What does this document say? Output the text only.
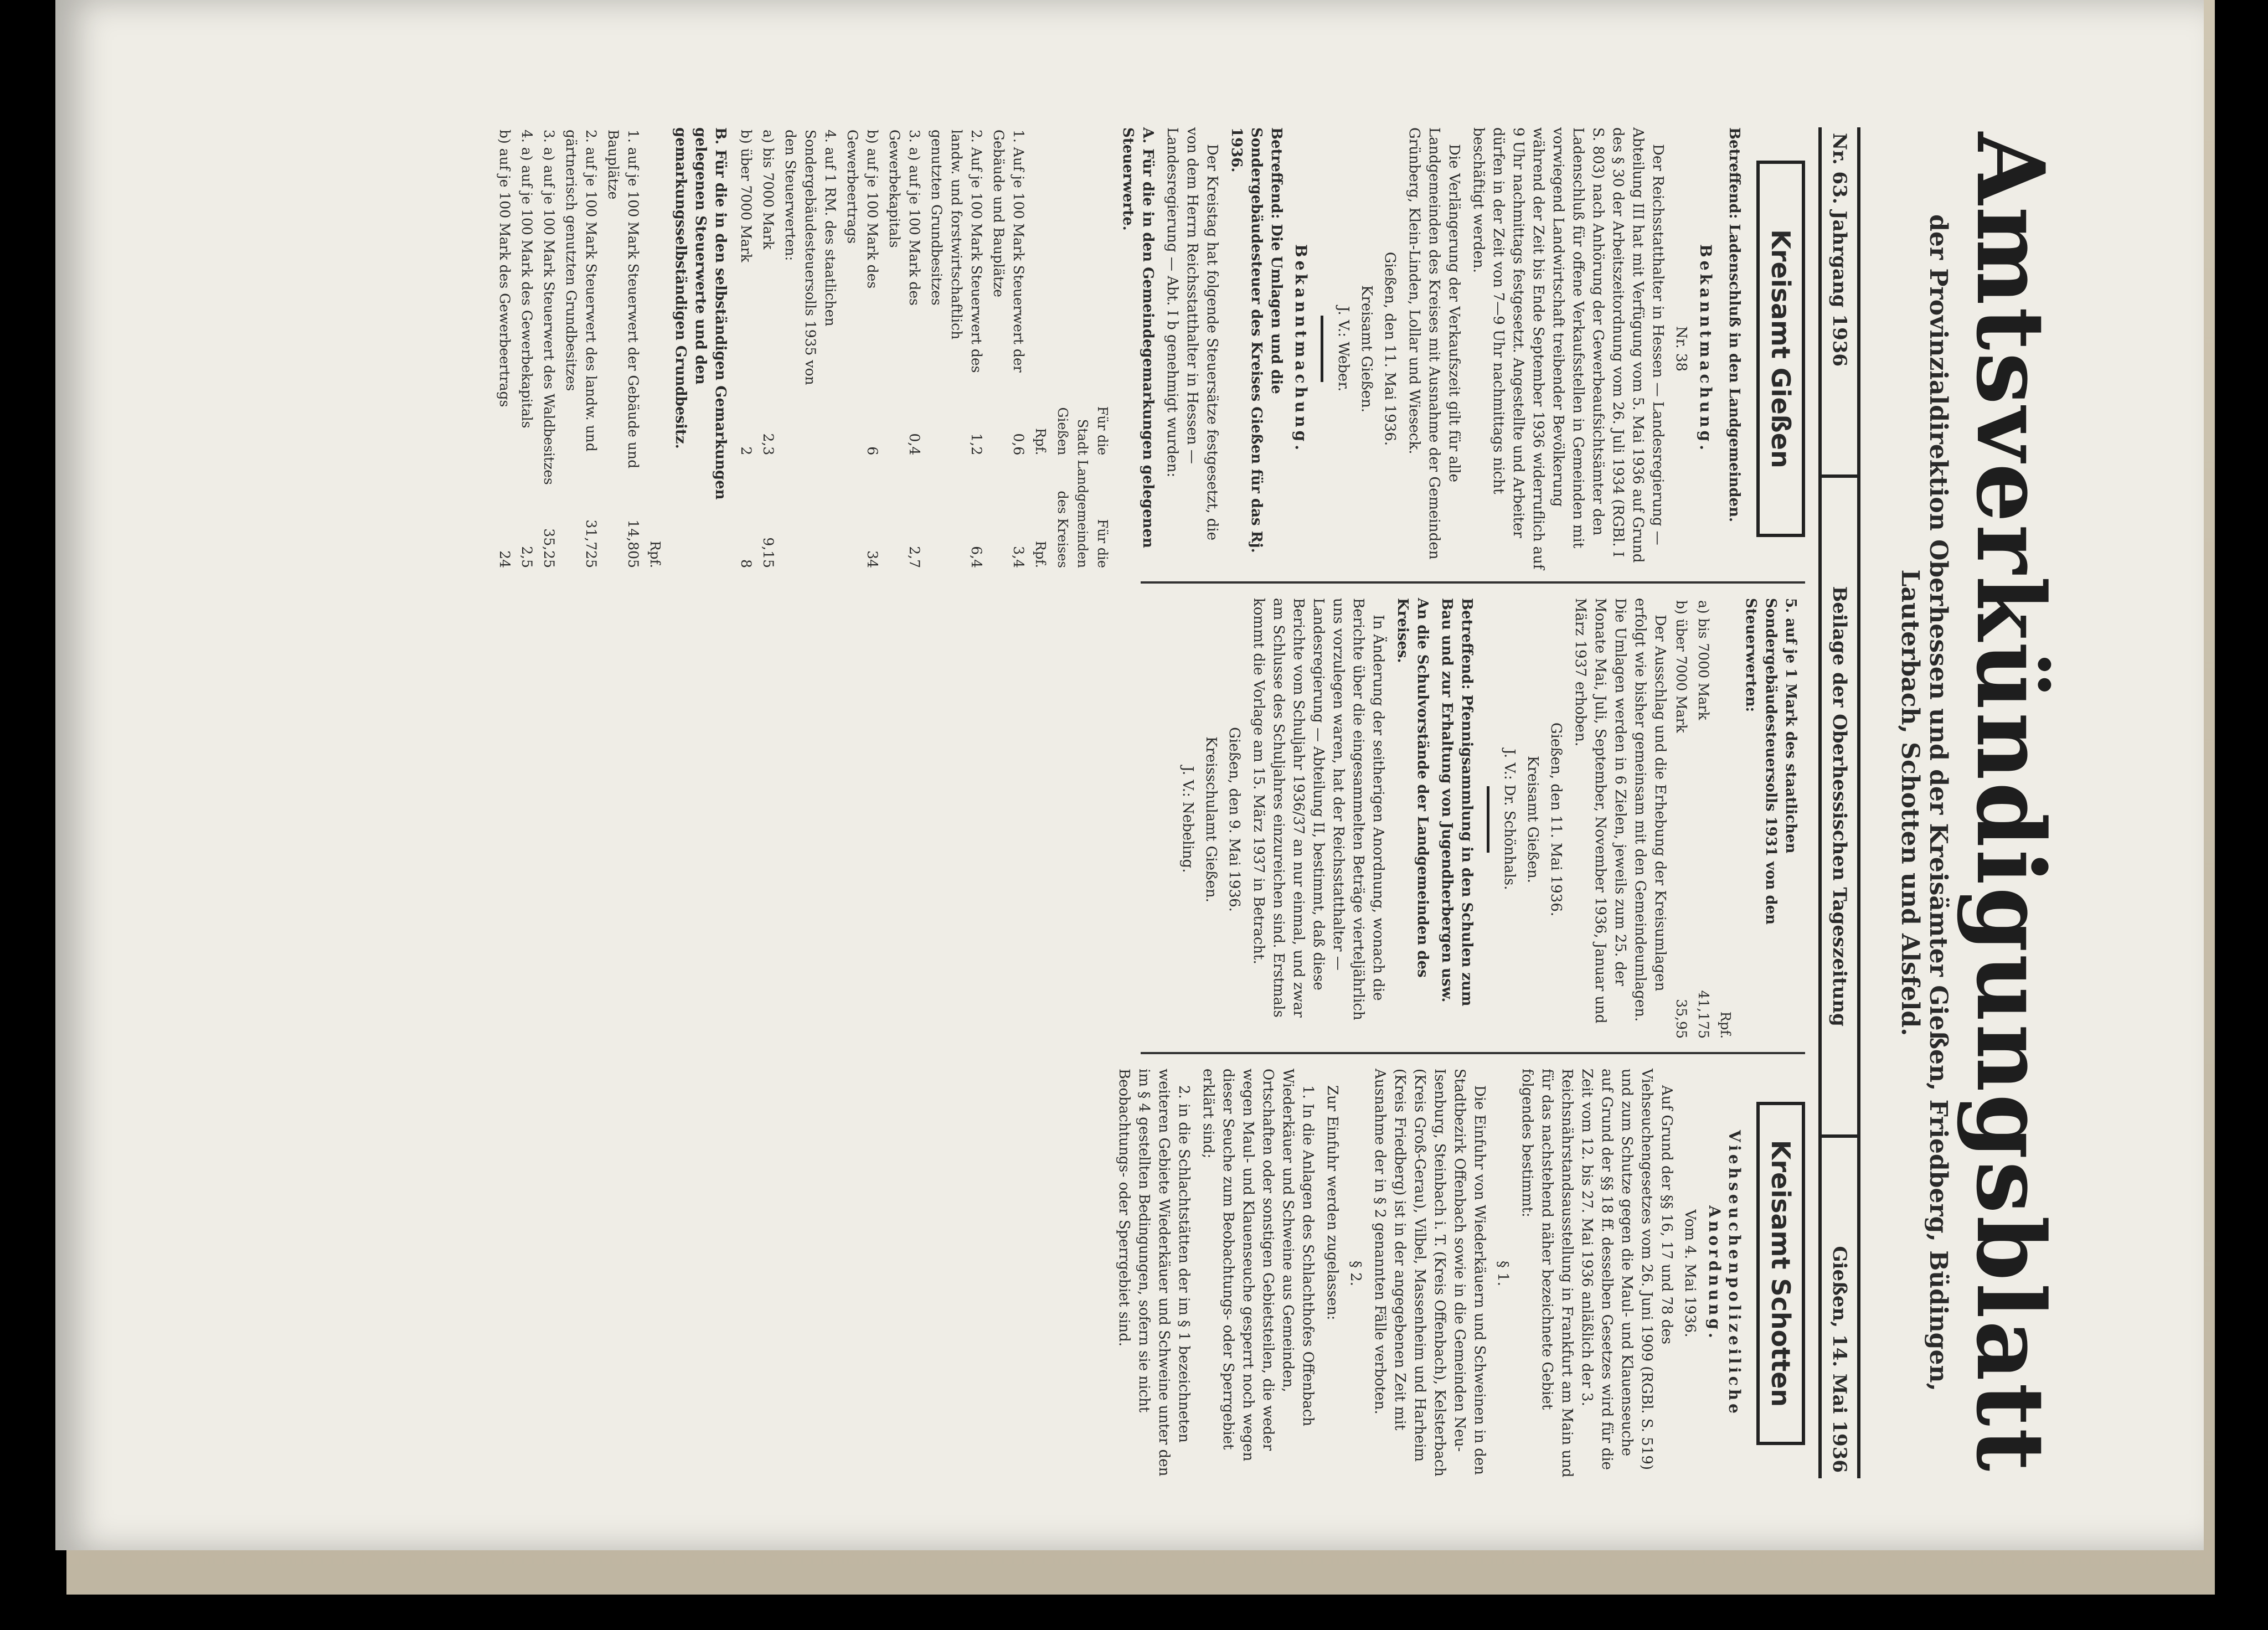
Amtsverkündigungsblatt
der Provinzialdirektion Oberhessen und der Kreisämter Gießen, Friedberg, Büdingen,
Lauterbach, Schotten und Alsfeld.
Nr. 63. Jahrgang 1936
Beilage der Oberhessischen Tageszeitung
Gießen, 14. Mai 1936
Kreisamt Gießen
Betreffend: Ladenschluß in den Landgemeinden.
Bekanntmachung.
Nr. 38

Der Reichsstatthalter in Hessen — Landesregierung — Abteilung III hat mit Verfügung vom 5. Mai 1936 auf Grund des § 30 der Arbeitszeitordnung vom 26. Juli 1934 (RGBl. I S. 803) nach Anhörung der Gewerbeaufsichtsämter den Ladenschluß für offene Verkaufsstellen in Gemeinden mit vorwiegend Landwirtschaft treibender Bevölkerung während der Zeit bis Ende September 1936 widerruflich auf 9 Uhr nachmittags festgesetzt. Angestellte und Arbeiter dürfen in der Zeit von 7—9 Uhr nachmittags nicht beschäftigt werden.

Die Verlängerung der Verkaufszeit gilt für alle Landgemeinden des Kreises mit Ausnahme der Gemeinden Grünberg, Klein-Linden, Lollar und Wieseck.

Gießen, den 11. Mai 1936.
Kreisamt Gießen.
J. V.: Weber.
Bekanntmachung.
Betreffend: Die Umlagen und die Sondergebäudesteuer des Kreises Gießen für das Rj. 1936.

Der Kreistag hat folgende Steuersätze festgesetzt, die von dem Herrn Reichsstatthalter in Hessen — Landesregierung — Abt. I b genehmigt wurden:

A. Für die in den Gemeindegemarkungen gelegenen Steuerwerte.
	Für die Stadt Gießen	Für die Landgemeinden des Kreises
	Rpf.	Rpf.
1. Auf je 100 Mark Steuerwert der Gebäude und Bauplätze	0,6	3,4
2. Auf je 100 Mark Steuerwert des landw. und forstwirtschaftlich genutzten Grundbesitzes	1,2	6,4
3. a) auf je 100 Mark des Gewerbekapitals	0,4	2,7
b) auf je 100 Mark des Gewerbeertrags	6	34
4. auf 1 RM. des staatlichen Sondergebäudesteuersolls 1935 von den Steuerwerten:		
a) bis 7000 Mark	2,3	9,15
b) über 7000 Mark	2	8
B. Für die in den selbständigen Gemarkungen gelegenen Steuerwerte und den gemarkungsselbständigen Grundbesitz.
	Rpf.
1. auf je 100 Mark Steuerwert der Gebäude und Bauplätze	14,805
2. auf je 100 Mark Steuerwert des landw. und gärtnerisch genutzten Grundbesitzes	31,725
3. a) auf je 100 Mark Steuerwert des Waldbesitzes	35,25
4. a) auf je 100 Mark des Gewerbekapitals	2,5
b) auf je 100 Mark des Gewerbeertrags	24
5. auf je 1 Mark des staatlichen Sondergebäudesteuersolls 1931 von den Steuerwerten:
	Rpf.
a) bis 7000 Mark	41,175
b) über 7000 Mark	35,95

Der Ausschlag und die Erhebung der Kreisumlagen erfolgt wie bisher gemeinsam mit den Gemeindeumlagen. Die Umlagen werden in 6 Zielen, jeweils zum 25. der Monate Mai, Juli, September, November 1936, Januar und März 1937 erhoben.

Gießen, den 11. Mai 1936.
Kreisamt Gießen.
J. V.: Dr. Schönhals.
Betreffend: Pfennigsammlung in den Schulen zum Bau und zur Erhaltung von Jugendherbergen usw.
An die Schulvorstände der Landgemeinden des Kreises.

In Änderung der seitherigen Anordnung, wonach die Berichte über die eingesammelten Beträge vierteljährlich uns vorzulegen waren, hat der Reichsstatthalter — Landesregierung — Abteilung II, bestimmt, daß diese Berichte vom Schuljahr 1936/37 an nur einmal, und zwar am Schlusse des Schuljahres einzureichen sind. Erstmals kommt die Vorlage am 15. März 1937 in Betracht.

Gießen, den 9. Mai 1936.
Kreisschulamt Gießen.
J. V.: Nebeling.
Kreisamt Schotten
Viehseuchenpolizeiliche Anordnung.
Vom 4. Mai 1936.

Auf Grund der §§ 16, 17 und 78 des Viehseuchengesetzes vom 26. Juni 1909 (RGBl. S. 519) und zum Schutze gegen die Maul- und Klauenseuche auf Grund der §§ 18 ff. desselben Gesetzes wird für die Zeit vom 12. bis 27. Mai 1936 anläßlich der 3. Reichsnährstandsausstellung in Frankfurt am Main und für das nachstehend näher bezeichnete Gebiet folgendes bestimmt:

§ 1.

Die Einfuhr von Wiederkäuern und Schweinen in den Stadtbezirk Offenbach sowie in die Gemeinden Neu-Isenburg, Steinbach i. T. (Kreis Offenbach), Kelsterbach (Kreis Groß-Gerau), Vilbel, Massenheim und Harheim (Kreis Friedberg) ist in der angegebenen Zeit mit Ausnahme der in § 2 genannten Fälle verboten.

§ 2.

Zur Einfuhr werden zugelassen:

1. In die Anlagen des Schlachthofes Offenbach Wiederkäuer und Schweine aus Gemeinden, Ortschaften oder sonstigen Gebietsteilen, die weder wegen Maul- und Klauenseuche gesperrt noch wegen dieser Seuche zum Beobachtungs- oder Sperrgebiet erklärt sind;

2. in die Schlachtstätten der im § 1 bezeichneten weiteren Gebiete Wiederkäuer und Schweine unter den im § 4 gestellten Bedingungen, sofern sie nicht Beobachtungs- oder Sperrgebiet sind.
